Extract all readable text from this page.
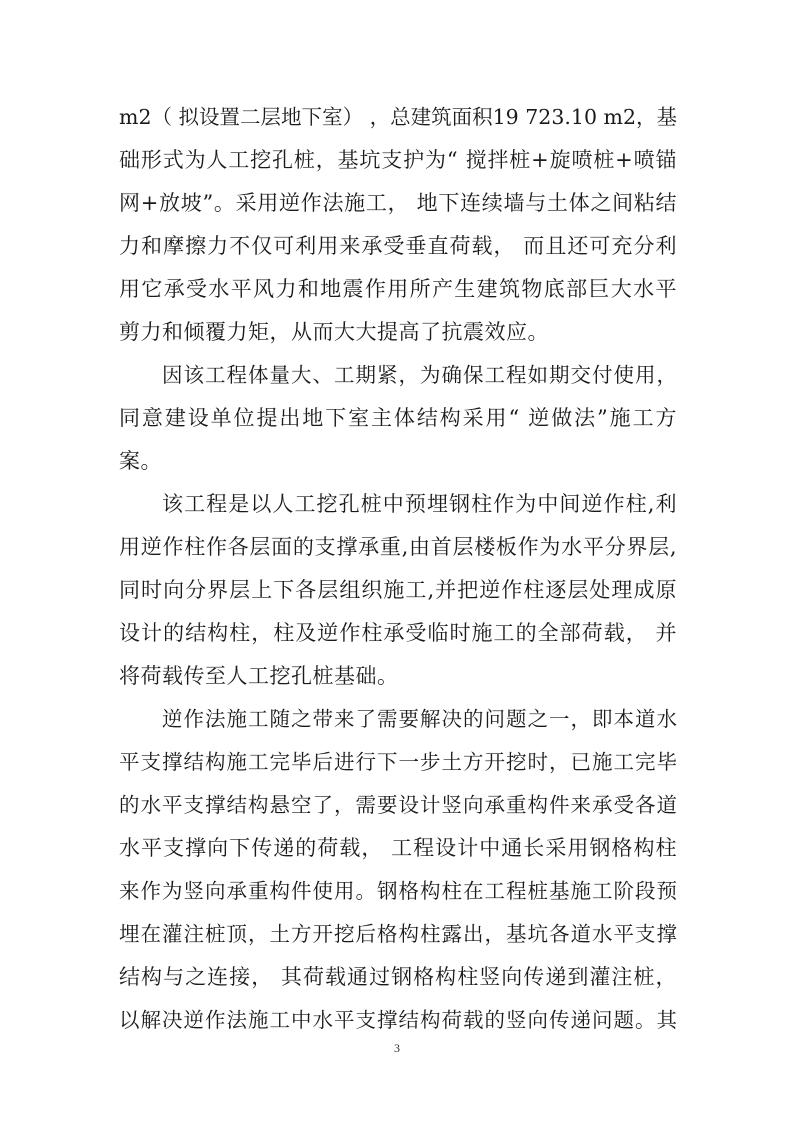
m2（ 拟设置二层地下室） ，总建筑面积19 723.10 m2，基
础形式为人工挖孔桩，基坑支护为“ 搅拌桩+旋喷桩+喷锚
网+放坡”。采用逆作法施工， 地下连续墙与土体之间粘结
力和摩擦力不仅可利用来承受垂直荷载， 而且还可充分利
用它承受水平风力和地震作用所产生建筑物底部巨大水平
剪力和倾覆力矩，从而大大提高了抗震效应。
因该工程体量大、工期紧，为确保工程如期交付使用，
同意建设单位提出地下室主体结构采用“ 逆做法”施工方
案。
该工程是以人工挖孔桩中预埋钢柱作为中间逆作柱,利
用逆作柱作各层面的支撑承重,由首层楼板作为水平分界层,
同时向分界层上下各层组织施工,并把逆作柱逐层处理成原
设计的结构柱，柱及逆作柱承受临时施工的全部荷载， 并
将荷载传至人工挖孔桩基础。
逆作法施工随之带来了需要解决的问题之一，即本道水
平支撑结构施工完毕后进行下一步土方开挖时，已施工完毕
的水平支撑结构悬空了，需要设计竖向承重构件来承受各道
水平支撑向下传递的荷载， 工程设计中通长采用钢格构柱
来作为竖向承重构件使用。钢格构柱在工程桩基施工阶段预
埋在灌注桩顶，土方开挖后格构柱露出，基坑各道水平支撑
结构与之连接， 其荷载通过钢格构柱竖向传递到灌注桩，
以解决逆作法施工中水平支撑结构荷载的竖向传递问题。其
3
